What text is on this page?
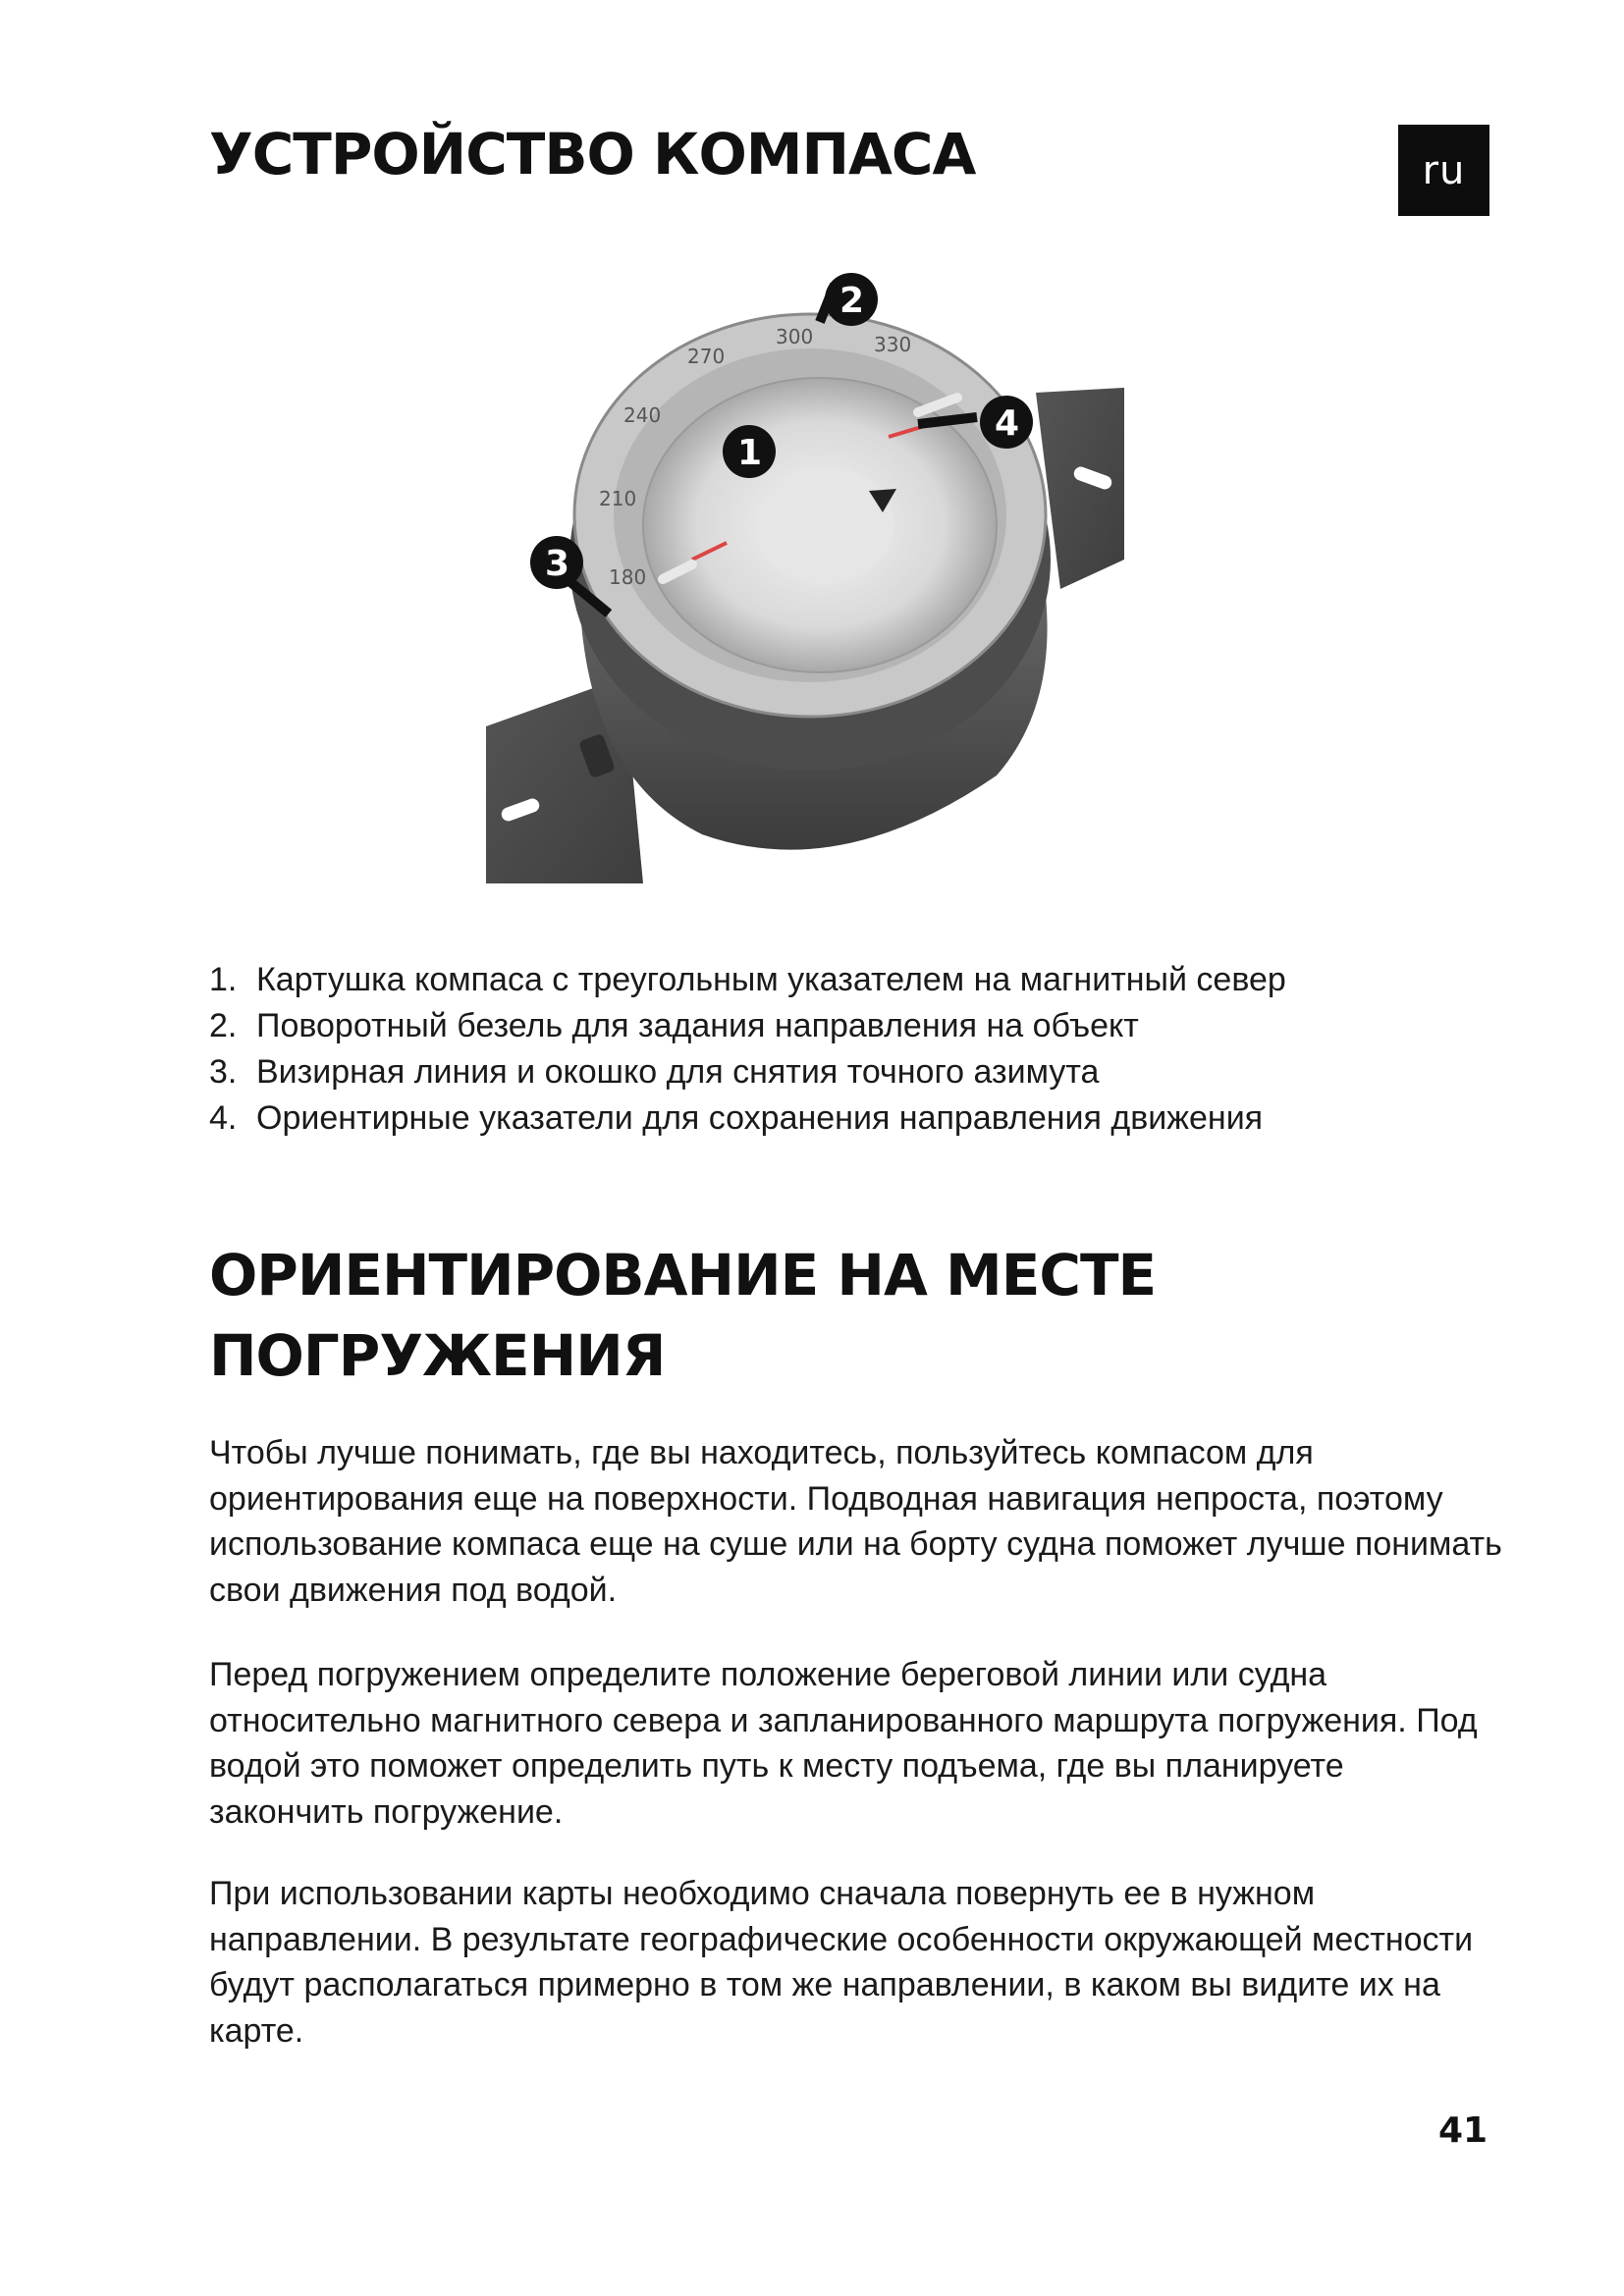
УСТРОЙСТВО КОМПАСА	ru
300	330
270
240
210
180
1
2
3
4
1. Картушка компаса с треугольным указателем на магнитный север
2. Поворотный безель для задания направления на объект
3. Визирная линия и окошко для снятия точного азимута
4. Ориентирные указатели для сохранения направления движения
ОРИЕНТИРОВАНИЕ НА МЕСТЕ ПОГРУЖЕНИЯ

Чтобы лучше понимать, где вы находитесь, пользуйтесь компасом для ориентирования еще на поверхности. Подводная навигация непроста, поэтому использование компаса еще на суше или на борту судна поможет лучше понимать свои движения под водой.

Перед погружением определите положение береговой линии или судна относительно магнитного севера и запланированного маршрута погружения. Под водой это поможет определить путь к месту подъема, где вы планируете закончить погружение.

При использовании карты необходимо сначала повернуть ее в нужном направлении. В результате географические особенности окружающей местности будут располагаться примерно в том же направлении, в каком вы видите их на карте.

41
